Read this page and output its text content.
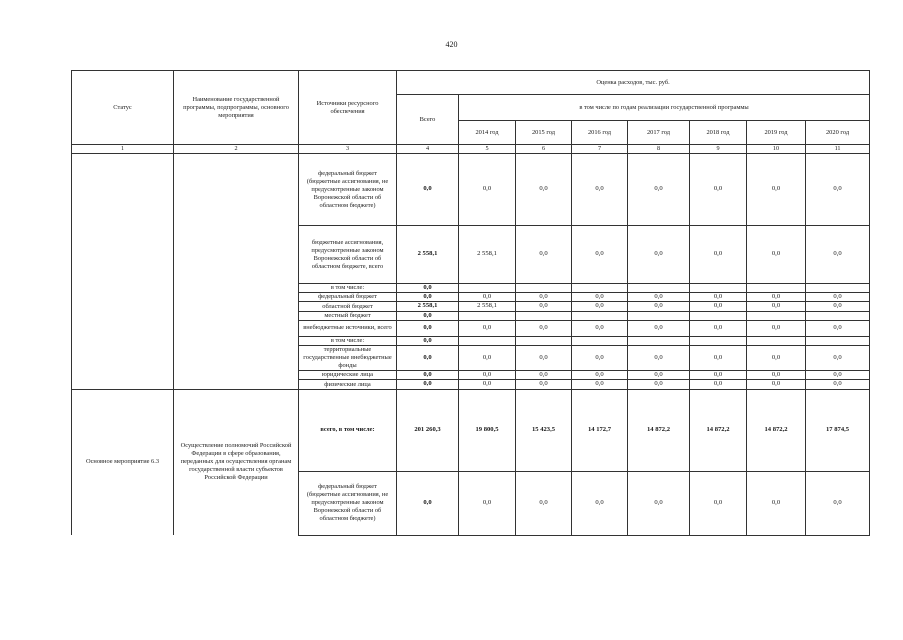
420
Статус	Наименование государственной программы, подпрограммы, основного мероприятия	Источники ресурсного обеспечения	Оценка расходов, тыс. руб.							
			Всего	в том числе по годам реализации государственной программы						
				2014 год	2015 год	2016 год	2017 год	2018 год	2019 год	2020 год
1	2	3	4	5	6	7	8	9	10	11
		федеральный бюджет (бюджетные ассигнования, не предусмотренные законом Воронежской области об областном бюджете)	0,0	0,0	0,0	0,0	0,0	0,0	0,0	0,0
		бюджетные ассигнования, предусмотренные законом Воронежской области об областном бюджете, всего	2 558,1	2 558,1	0,0	0,0	0,0	0,0	0,0	0,0
		в том числе:	0,0							
		федеральный бюджет	0,0	0,0	0,0	0,0	0,0	0,0	0,0	0,0
		областной бюджет	2 558,1	2 558,1	0,0	0,0	0,0	0,0	0,0	0,0
		местный бюджет	0,0							
		внебюджетные источники, всего	0,0	0,0	0,0	0,0	0,0	0,0	0,0	0,0
		в том числе:	0,0							
		территориальные государственные внебюджетные фонды	0,0	0,0	0,0	0,0	0,0	0,0	0,0	0,0
		юридические лица	0,0	0,0	0,0	0,0	0,0	0,0	0,0	0,0
		физические лица	0,0	0,0	0,0	0,0	0,0	0,0	0,0	0,0
Основное мероприятие 6.3	Осуществление полномочий Российской Федерации в сфере образования, переданных для осуществления органам государственной власти субъектов Российской Федерации	всего, в том числе:	201 260,3	19 800,5	15 423,5	14 172,7	14 872,2	14 872,2	14 872,2	17 874,5
		федеральный бюджет (бюджетные ассигнования, не предусмотренные законом Воронежской области об областном бюджете)	0,0	0,0	0,0	0,0	0,0	0,0	0,0	0,0
